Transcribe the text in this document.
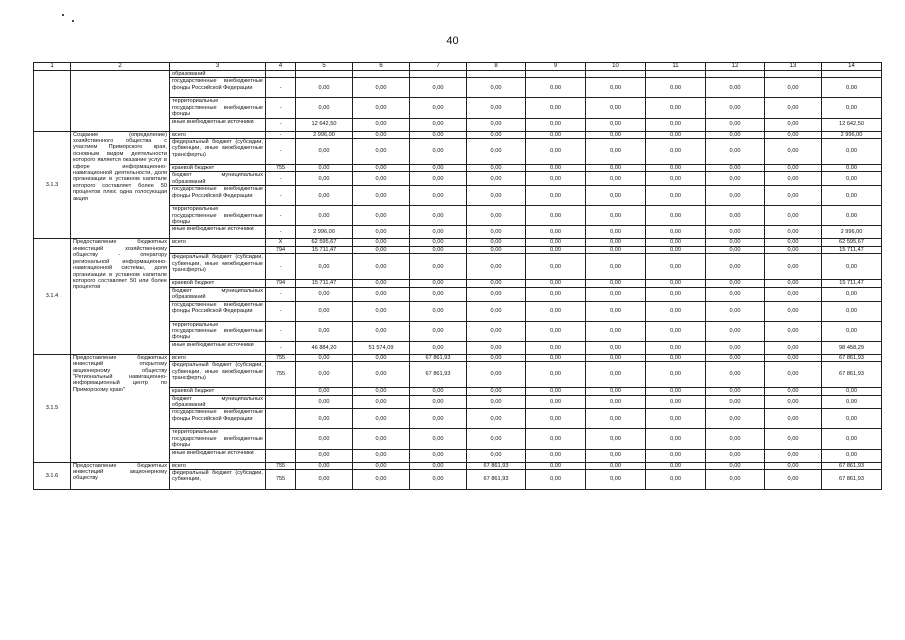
40
1	2	3	4	5	6	7	8	9	10	11	12	13	14
		образований											
		государственные внебюджетные фонды Российской Федерации	-	0,00	0,00	0,00	0,00	0,00	0,00	0,00	0,00	0,00	0,00
		территориальные государственные внебюджетные фонды	-	0,00	0,00	0,00	0,00	0,00	0,00	0,00	0,00	0,00	0,00
		иные внебюджетные источники	-	12 642,50	0,00	0,00	0,00	0,00	0,00	0,00	0,00	0,00	12 642,50
3.1.3	Создание (определение) хозяйственного общества с участием Приморского края, основным видом деятельности которого является оказание услуг в сфере информационно-навигационной деятельности, доля организации в уставном капитале которого составляет более 50 процентов плюс одна голосующая акция	всего	-	2 996,00	0,00	0,00	0,00	0,00	0,00	0,00	0,00	0,00	2 996,00
		федеральный бюджет (субсидии, субвенции, иные межбюджетные трансферты)	-	0,00	0,00	0,00	0,00	0,00	0,00	0,00	0,00	0,00	0,00
		краевой бюджет	755	0,00	0,00	0,00	0,00	0,00	0,00	0,00	0,00	0,00	0,00
		бюджет муниципальных образований	-	0,00	0,00	0,00	0,00	0,00	0,00	0,00	0,00	0,00	0,00
		государственные внебюджетные фонды Российской Федерации	-	0,00	0,00	0,00	0,00	0,00	0,00	0,00	0,00	0,00	0,00
		территориальные государственные внебюджетные фонды	-	0,00	0,00	0,00	0,00	0,00	0,00	0,00	0,00	0,00	0,00
		иные внебюджетные источники	-	2 996,00	0,00	0,00	0,00	0,00	0,00	0,00	0,00	0,00	2 996,00
3.1.4	Предоставление бюджетных инвестиций хозяйственному обществу - оператору региональной информационно-навигационной системы, доля организации в уставном капитале которого составляет 50 или более процентов	всего	X	62 595,67	0,00	0,00	0,00	0,00	0,00	0,00	0,00	0,00	62 595,67
			794	15 711,47	0,00	0,00	0,00	0,00	0,00	0,00	0,00	0,00	15 711,47
		федеральный бюджет (субсидии, субвенции, иные межбюджетные трансферты)	-	0,00	0,00	0,00	0,00	0,00	0,00	0,00	0,00	0,00	0,00
		краевой бюджет	794	15 711,47	0,00	0,00	0,00	0,00	0,00	0,00	0,00	0,00	15 711,47
		бюджет муниципальных образований	-	0,00	0,00	0,00	0,00	0,00	0,00	0,00	0,00	0,00	0,00
		государственные внебюджетные фонды Российской Федерации	-	0,00	0,00	0,00	0,00	0,00	0,00	0,00	0,00	0,00	0,00
		территориальные государственные внебюджетные фонды	-	0,00	0,00	0,00	0,00	0,00	0,00	0,00	0,00	0,00	0,00
		иные внебюджетные источники	-	46 884,20	51 574,09	0,00	0,00	0,00	0,00	0,00	0,00	0,00	98 458,29
3.1.5	Предоставление бюджетных инвестиций открытому акционерному обществу "Региональный навигационно-информационный центр по Приморскому краю"	всего	755	0,00	0,00	67 861,93	0,00	0,00	0,00	0,00	0,00	0,00	67 861,93
		федеральный бюджет (субсидии, субвенции, иные межбюджетные трансферты)	755	0,00	0,00	67 861,93	0,00	0,00	0,00	0,00	0,00	0,00	67 861,93
		краевой бюджет		0,00	0,00	0,00	0,00	0,00	0,00	0,00	0,00	0,00	0,00
		бюджет муниципальных образований		0,00	0,00	0,00	0,00	0,00	0,00	0,00	0,00	0,00	0,00
		государственные внебюджетные фонды Российской Федерации		0,00	0,00	0,00	0,00	0,00	0,00	0,00	0,00	0,00	0,00
		территориальные государственные внебюджетные фонды		0,00	0,00	0,00	0,00	0,00	0,00	0,00	0,00	0,00	0,00
		иные внебюджетные источники		0,00	0,00	0,00	0,00	0,00	0,00	0,00	0,00	0,00	0,00
3.1.6	Предоставление бюджетных инвестиций акционерному обществу	всего	755	0,00	0,00	0,00	67 861,93	0,00	0,00	0,00	0,00	0,00	67 861,93
		федеральный бюджет (субсидии, субвенции,	755	0,00	0,00	0,00	67 861,93	0,00	0,00	0,00	0,00	0,00	67 861,93
